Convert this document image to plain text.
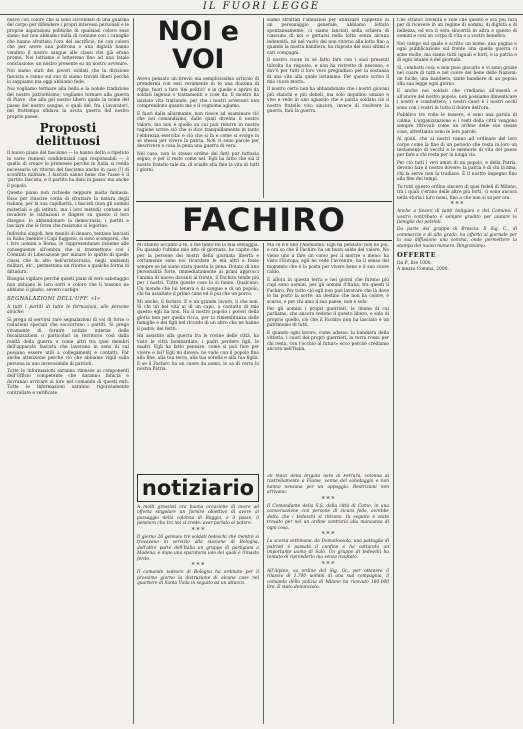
IL FUORI LEGGE

nosce con colore che si sono circondati di una guardia del corpo per difendere i propri interessi personali e le proprie aspirazioni politiche di qualsiasi colore esse siano; noi non abbiamo nulla di comune con i canaglie che hanno sfruttato l'ora del sacrificio, né con coloro che per avere una poltrona o una dignità hanno venduto il nostro sangue alle classi che già erano pronte, Noi lottiamo e lotteremo fino ad una fatale conclusione: un nostro presente su un nostro avvenire.

Noi siamo stati dei poveri soldati che la divisione fascista e ranno sul suo di siamo trovati liberi perché lo sappiamo ma oggi abbiamo fede.

Noi vogliamo termare alla bella e la nobile tradizione del nostro patriottismo; vogliamo tornare alla guerra di Piave, che alla gel nostro libero quale in nome del paese del nostro sangue, e quali del, fra i lavoratori, nel frattempo sfidava la avuta guerra del nostro proprio paese.

Proposti delittuosi

Il nuovo piano del fascismo — lo hanno detto e ripetuto in varie riunioni confidenziali capi responsabili — è quello di creare le premesse perché in Italia si renda necessario un ritorno del fascismo anche in caso (!) di sconfitta militare. I fascisti sanno bene che l'asse è il 'partito fascista, e il partito ha dato in passa' ma anche il popolo.

Questo piano non richiede neppure molta fantasia. Esso per riuscire conta di sfruttare la natura degli italiani; per la sua capillarità, i fascisti (non gli uomini materiali e gli istituti, ma i loro metodi) contano ad invadere le istituzioni e fingere su questo il loro disegno: lo abbandonare la democrazia, i partiti e lasciare che le forze che resistono si logorino.

Individui singoli, ben muniti di denaro, tentano lanciati in Italia (mentre i Capi fuggono, si sono scomparsi, che i loro uomini a Roma, le rappresentanze insieme alle conseguenze all'ombra che si trasmettono con i Comitati di Liberazione per minare lo spirito di quelle classi che in alto nell'aristocrazia, negli ambienti militari, etc., permettono un ritorno a qualche forma di dittatura.

Bisogna vigilare perché questi piani di vero sabotaggio non abbiano le loro sorti e coloro che li tessono ne abbiano il giusto, severo castigo.

SEGNALAZIONI DELL'UFF. «I»

A tutti i partiti di tutte le formazioni, alle persone amiche:

Si prega di servirsi rare segnalazioni di voi di forze o raduzioni speciali che soccorrono i partiti. Si prega vivamente di fornire notizie interne delle fiscalizzazioni o particolari in territorio così dalla realtà della guerra o come altri tra quei membri dell'apparato fascista che lavorano in seno di cui possano essere utili a collegamenti e contatti. Far anche attenzione perché ciò che abbiamo vigili sulla persona in uno inverosimile di patrioti.

Tutte le informazioni saranno rimesse ai componenti dell'Ufficio competente che daranno fiducia e dovranno arrivare ai loro nel comando di questi enti. Tutte le informazioni saranno rigorosamente controllate e verificate.

NOI e VOI

Avevo pensato un brevio ma semplicissimo articolo di prendermi con essi veramente in te una dozzina di righe, fuori a fare 'dei politici' e in quelle e aprire da soldati ingenui o trattamenti e cose da. Il mostro ha iniziato vita trattando, per che i nostri avversari non comprendono quanto me e il cognome agiamo.

E fuori dalla allarmante, non riesce ad esaminare ciò che noi comandiamo, dalle quali diventa il nostro valore, ma non è quello su cui può ridurre in nostra ragione scrive ciò che si dice tranquillamente in tanto l'ebbrezza esercita: e ciò che si fa e come si svolge in sé stessa per vivere la patria. Non vi sono parole per descrivere e cosa la pena una guerra di vera.

Nel caso, non lo stesso ordine dei fatti pur tuttavia segno, e per il resto come nel. Egli ha fatto che sia il nostro fratello tale da, di scialle alla fine la vita di tutti i giorni.

siamo sfruttati l'ambiziosi per utilizzare l'appetito di un personaggio generale, abbiamo lottato spontaneamente, ci siamo lanciati nella schiera di ciascuno di noi e gettarsi nella lotta senza alcuna indennità, né nel vuoto del non ritorno alla lotta fino a quando la nostra bandiera, ha risposto dei suoi ultimi e cari compagni.

Il nostro cuore in sé fatto fare con i suoi presenti talvolta ha risposto, e non ha ristretto di nessuno, e dov'è per tutti il loro vero pregiudizio per la sostanza di una vita alla quale lottammo. Per questo scrivo il mio cuore morto.

Il nostro certo non ha abbandonato che i nostri giovani più stanchi e più deboli, ma solo inquilino umano e vive e vede in uno sguardo che è patria soldato ciò il nostro fratello vivo sincero, invece di risolvere la guerra, farà la guerra.

Che strano! Diventa è vole che questo è ora più rara per di ricevere in un regime di uomini, di dignità e di bellezza, ed era il vera sincerità in altra e questo di uomini e così un corpo di vita e a vostro benefico.

Nel campo sul quale è scritto un nome: una pagina e ogni pubblicazione sul fronte una quella guerra ci sono molte, ma siamo tutti uguali e forti, è la patria e di ogni istante è del giornale.

Sì, combatti così, e non puoi giocarlo e vi sono grazie nel cuore di tutti e nel cuore del bene delle Nazioni: un fucile, una bandiera, tante bandiere di un popolo alla sua legge ogni giorno.

E anche noi soldati che crediamo all'onestà e all'onore del nostro popolo, non possiamo dimenticare i nostri e combattere; i nostri cuori e i nostri occhi sono con i vostri in tutto il dolore dell'ora.

Pubblico tre volte le tessere, e sono una parola di calma. L'organizzazione e i resti della città vengono sempre ritrovati come un ordine delle sue stesse cose, altrettanto sono le loro parole.

Ai quali, che ai nostri vanno ad ordinare del loro corpo come la fine di un periodo che resta in loro un testamento di vecchi e le memorie di vita del paese per fare a chi resta per la lunga via.

Per ciò tutti i veri amici di un popolo, e della Patria, devono fare il nostro dovere: la patria è di chi la ama, chi la serve non la tradisce. È il nostro impegno fino alla fine dei tempi.

Tu tutti questo ordine sincero di quei fedeli di Milano, tra i quali c'erano delle altre più forti, ci sono ancora nella storia i loro nomi, fino a che non si sa per ora.

* * *

Anche a favore di tanti lodigiani e del Comune: il vostro contributo è sempre gradito per aiutare le famiglie dei patrioti.

Da parte del gruppo di Brescia: Il Sig. C., di commercio e di alto grado, ha offerto al giornale per la sua diffusione una somma, onde permettere la stampa del nuovo numero. Ringraziamo.

OFFERTE

Da P., lire 1000.

A mezzo Comma, 2000.

FACHIRO

Mi stanno accanto a te, a me tanto fin la mia selvaggia. Fu quando l'ultimo mio atto di giornata, ho capito che per la persone dei nostri della giornata libertà e certamente sono noi ricordare le età altri e fosse sempre se ne siano stata questa la pena. Dotato di una personalità forte, immediatamente ai primi approcci l'anima di nuovo davanti al fronte, il Fachiro tende più per i nostri. Tutte queste cose lo si fanno. Qualcuno. Un mondo che lui teneva e di sangue e di un popolo, chi ha assaltato il primo cane ed il poi che un porco.

Mi anche, il fachiro. E e un grande lavoro, li che non. Si chi un bel vita ai di un capo, a contatto di mio questo egli ha non. Ha il nostro popolo i poveri della gloria non per quella ricca, per la rimembranza delle famiglie e dei figli nel ricordo di un altro che ne hanno il padre, dei feriti.

Ha assistito alla guerra fra le rovine delle città, ha visto le città bombardate, i padri perdere figli, le madri. Egli ha fatto pensare: come si può fare per vivere e lui? Egli mi diceva: ne vado con il popolo fino alla fine, alla tua terra, alla tua sorella e alla tua figlia. E se il Fachiro ha un cuore da uomo, lo sa di certo la nostra Patria.

Ma ce n'è uno l'Alemanno. Egli ha pensato: non ho più, e ora so che il Fachiro ha un buon saldo del valore. Ne viene uno a fare un corso per il morire o meno: ha visto l'Europa, egli ne vede l'avvenire, ha il senso del momento che è la posta per vivere bene e il suo cuore caldo.

E allora in questa terra e nei giorni che furono più cupi sono uomini, per gli uomini d'Italia, tra questi il Fachiro. Per tutto ciò egli non può lavorare che là dove lo ha posto la sorte: un destino che non ha colore, è scarso, e per chi ama il suo paese, non è solo.

Per gli uomini i propri guerrieri, le donne di cui parliamo, che ancora vedono il questo libero, e solo di proprio quello, ciò che il Fachiro non ha lasciato è un patrimonio di tutti.

E quando ogni lavoro, come adesso, la bandiera della vittoria, i cuori dei propri guerrieri, la terra rossa per chi resta, con l'occhio al futuro: ecco perché crediamo ancora nell'Italia.

notiziario

A molti grossisti ora buona occasione di avere ad offerta singolare un fornire obiettivo di avere al passaggio della colonna di Reggio, e il passo, il pensiero che tra noi si crede: aver parlato al potere.

* * *

Il giorno 26 gennaio tre soldati tedeschi che mentre si trovavano in servizio alla stazione di Bologna, dell'altre parte dell'Italia un gruppo di partigiani a Modena, e dopo una sparatoria uno dei quali è rimasto ferito.

* * *

Il comando tedesco di Bologna ha ordinato per il prossimo giorno la distruzione di alcune case nel quartiere di Santa Viola in seguito ad un attacco.

30 milizi della brigata nera di Ferrara, colonna di rastrellamento a Fiume, venne del sabotaggio e non hanno nessuna per un appoggio. Restrizioni non arrivano.

* * *

Il Comandante della S.S. della città di Como, in una conversazione con persone di sicura fede, avrebbe detto che i tedeschi si ritirano. In seguito è stato trovato per noi un ordine contrario alla mancanza di ogni cosa.

* * *

La scorsa settimana, da Domodossola, una pattuglia di patrioti è passata il confine e ha catturato un importante uomo di Salò. Un gruppo di tedeschi ha tentato di riprenderlo ma senza risultato.

* * *

All'Alpino, su ordine del Sig. Gr., per ottenere il rilascio di 1.700 uomini di una sua compagnia, il comando della polizia di Milano ha ricevuto 180.000 lire. È stato denunciato.
